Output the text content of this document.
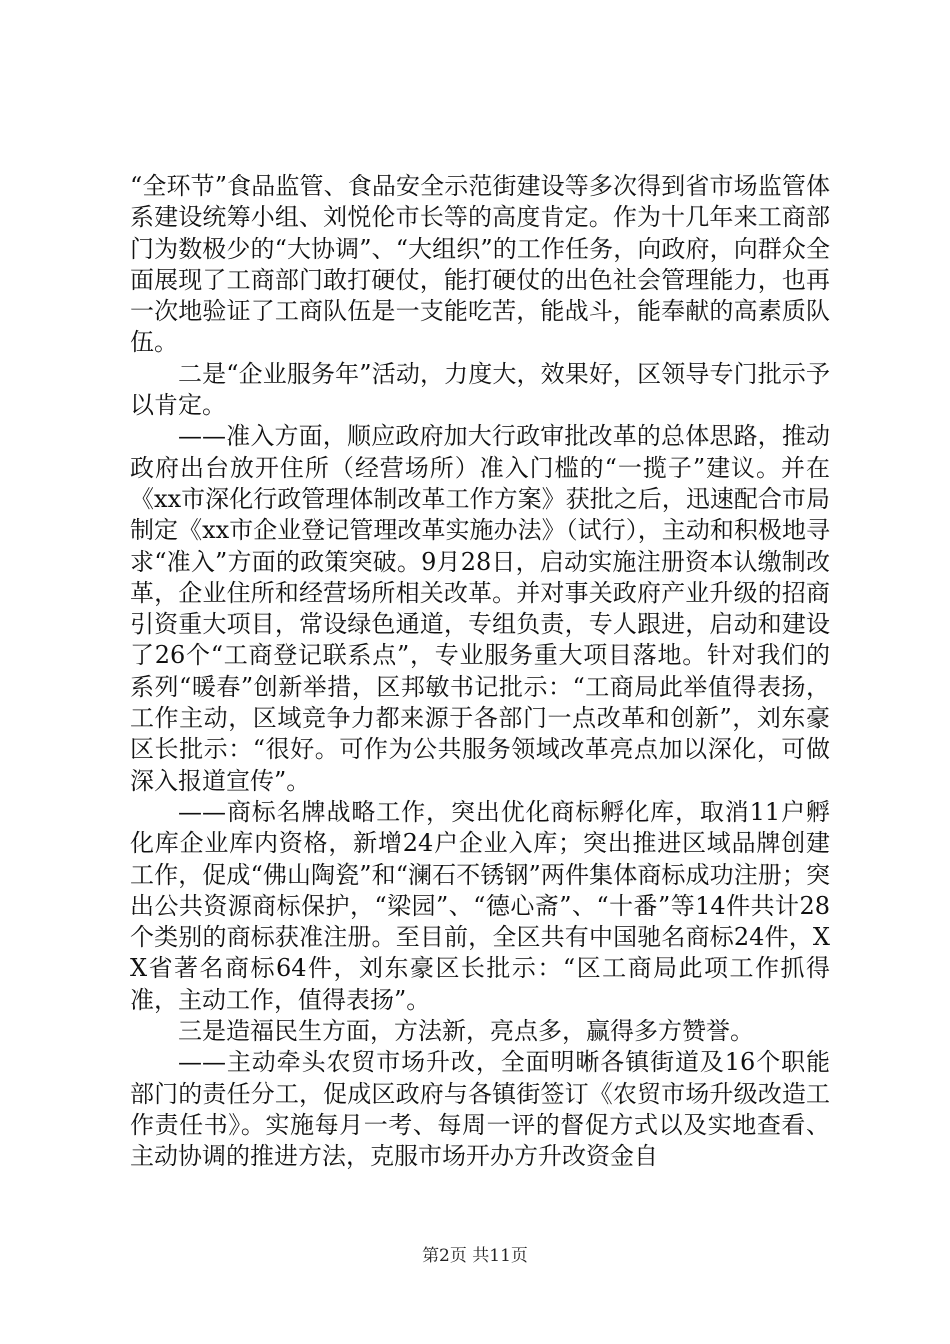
“全环节”食品监管、食品安全示范街建设等多次得到省市场监管体系建设统筹小组、刘悦伦市长等的高度肯定。作为十几年来工商部门为数极少的“大协调”、“大组织”的工作任务，向政府，向群众全面展现了工商部门敢打硬仗，能打硬仗的出色社会管理能力，也再一次地验证了工商队伍是一支能吃苦，能战斗，能奉献的高素质队伍。

二是“企业服务年”活动，力度大，效果好，区领导专门批示予以肯定。

——准入方面，顺应政府加大行政审批改革的总体思路，推动政府出台放开住所（经营场所）准入门槛的“一揽子”建议。并在《xx市深化行政管理体制改革工作方案》获批之后，迅速配合市局制定《xx市企业登记管理改革实施办法》（试行），主动和积极地寻求“准入”方面的政策突破。9月28日，启动实施注册资本认缴制改革，企业住所和经营场所相关改革。并对事关政府产业升级的招商引资重大项目，常设绿色通道，专组负责，专人跟进，启动和建设了26个“工商登记联系点”，专业服务重大项目落地。针对我们的系列“暖春”创新举措，区邦敏书记批示：“工商局此举值得表扬，工作主动，区域竞争力都来源于各部门一点改革和创新”，刘东豪区长批示：“很好。可作为公共服务领域改革亮点加以深化，可做深入报道宣传”。

——商标名牌战略工作，突出优化商标孵化库，取消11户孵化库企业库内资格，新增24户企业入库；突出推进区域品牌创建工作，促成“佛山陶瓷”和“澜石不锈钢”两件集体商标成功注册；突出公共资源商标保护，“梁园”、“德心斋”、“十番”等14件共计28个类别的商标获准注册。至目前，全区共有中国驰名商标24件，XX省著名商标64件，刘东豪区长批示：“区工商局此项工作抓得准，主动工作，值得表扬”。

三是造福民生方面，方法新，亮点多，赢得多方赞誉。

——主动牵头农贸市场升改，全面明晰各镇街道及16个职能部门的责任分工，促成区政府与各镇街签订《农贸市场升级改造工作责任书》。实施每月一考、每周一评的督促方式以及实地查看、主动协调的推进方法，克服市场开办方升改资金自

第2页 共11页
